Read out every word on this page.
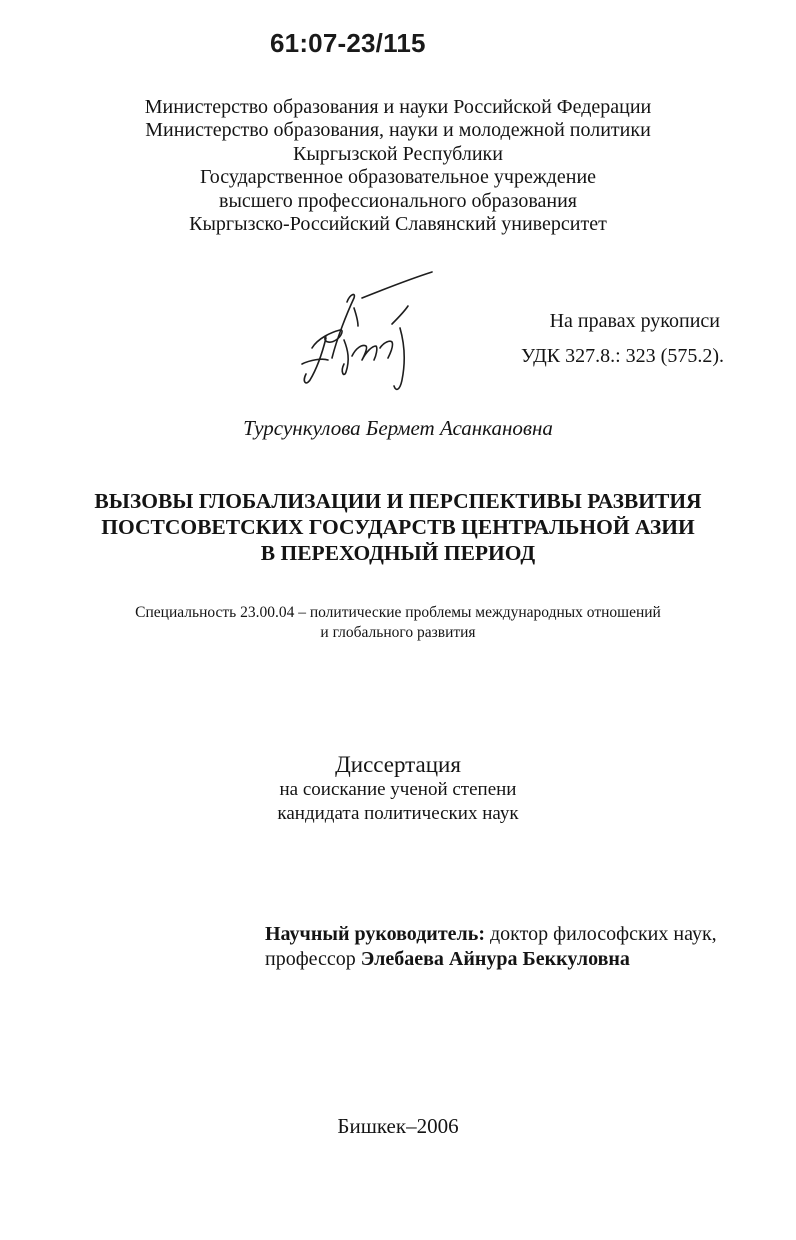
61:07-23/115
Министерство образования и науки Российской Федерации
Министерство образования, науки и молодежной политики
Кыргызской Республики
Государственное образовательное учреждение
высшего профессионального образования
Кыргызско-Российский Славянский университет
На правах рукописи
УДК 327.8.: 323 (575.2).
Турсункулова Бермет Асанкановна
ВЫЗОВЫ ГЛОБАЛИЗАЦИИ И ПЕРСПЕКТИВЫ РАЗВИТИЯ
ПОСТСОВЕТСКИХ ГОСУДАРСТВ ЦЕНТРАЛЬНОЙ АЗИИ
В ПЕРЕХОДНЫЙ ПЕРИОД
Специальность 23.00.04 – политические проблемы международных отношений
и глобального развития
Диссертация
на соискание ученой степени
кандидата политических наук
Научный руководитель: доктор философских наук,
профессор Элебаева Айнура Беккуловна
Бишкек–2006
